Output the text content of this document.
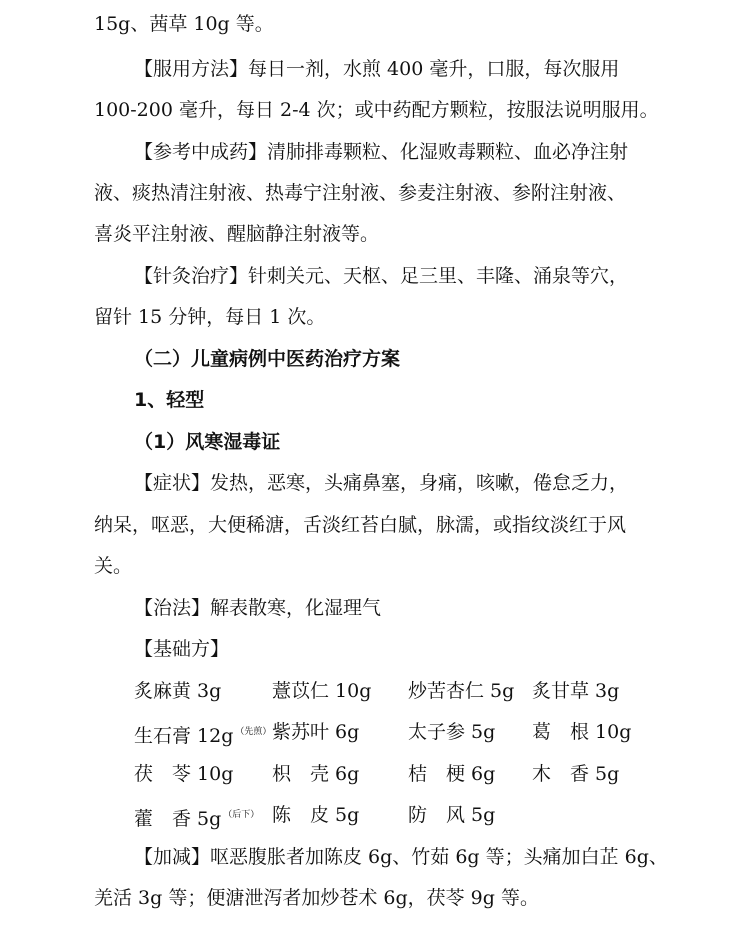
15g、茜草 10g 等。
【服用方法】每日一剂，水煎 400 毫升，口服，每次服用
100-200 毫升，每日 2-4 次；或中药配方颗粒，按服法说明服用。
【参考中成药】清肺排毒颗粒、化湿败毒颗粒、血必净注射
液、痰热清注射液、热毒宁注射液、参麦注射液、参附注射液、
喜炎平注射液、醒脑静注射液等。
【针灸治疗】针刺关元、天枢、足三里、丰隆、涌泉等穴，
留针 15 分钟，每日 1 次。
（二）儿童病例中医药治疗方案
1、轻型
（1）风寒湿毒证
【症状】发热，恶寒，头痛鼻塞，身痛，咳嗽，倦怠乏力，
纳呆，呕恶，大便稀溏，舌淡红苔白腻，脉濡，或指纹淡红于风
关。
【治法】解表散寒，化湿理气
【基础方】
炙麻黄 3g	薏苡仁 10g 炒苦杏仁 5g 炙甘草 3g
生石膏 12g $^{(先煎)}$ 紫苏叶 6g	太子参 5g 葛　根 10g
茯　苓 10g 枳　壳 6g	桔　梗 6g 木　香 5g
藿　香 5g $^{(后下)}$ 陈　皮 5g	防　风 5g
【加减】呕恶腹胀者加陈皮 6g、竹茹 6g 等；头痛加白芷 6g、
羌活 3g 等；便溏泄泻者加炒苍术 6g，茯苓 9g 等。
